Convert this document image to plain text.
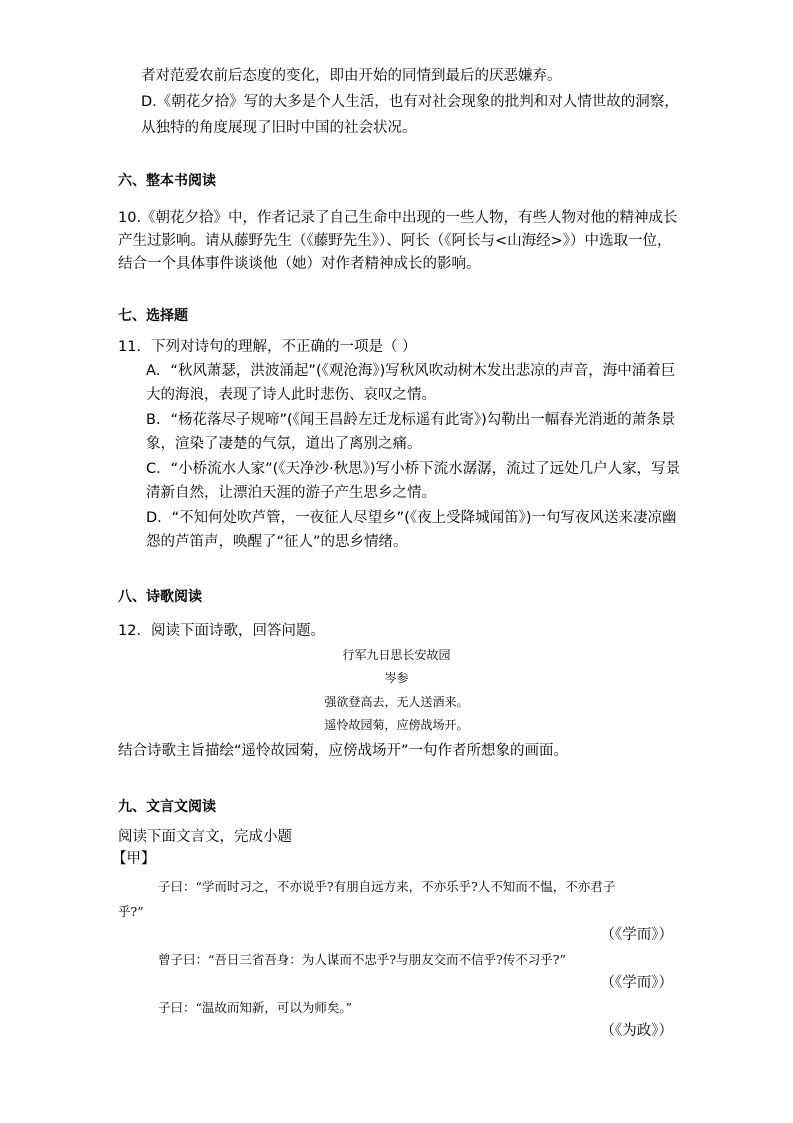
者对范爱农前后态度的变化，即由开始的同情到最后的厌恶嫌弃。
D.《朝花夕拾》写的大多是个人生活，也有对社会现象的批判和对人情世故的洞察，
从独特的角度展现了旧时中国的社会状况。
六、整本书阅读
10.《朝花夕拾》中，作者记录了自己生命中出现的一些人物，有些人物对他的精神成长
产生过影响。请从藤野先生（《藤野先生》）、阿长（《阿长与<山海经>》）中选取一位，
结合一个具体事件谈谈他（她）对作者精神成长的影响。
七、选择题
11．下列对诗句的理解，不正确的一项是（ ）
A．“秋风萧瑟，洪波涌起”(《观沧海》)写秋风吹动树木发出悲凉的声音，海中涌着巨
大的海浪，表现了诗人此时悲伤、哀叹之情。
B．“杨花落尽子规啼”(《闻王昌龄左迁龙标遥有此寄》)勾勒出一幅春光消逝的萧条景
象，渲染了凄楚的气氛，道出了离别之痛。
C．“小桥流水人家”(《天净沙·秋思》)写小桥下流水潺潺，流过了远处几户人家，写景
清新自然，让漂泊天涯的游子产生思乡之情。
D．“不知何处吹芦管，一夜征人尽望乡”(《夜上受降城闻笛》)一句写夜风送来凄凉幽
怨的芦笛声，唤醒了“征人”的思乡情绪。
八、诗歌阅读
12．阅读下面诗歌，回答问题。
行军九日思长安故园
岑参
强欲登高去，无人送酒来。
遥怜故园菊，应傍战场开。
结合诗歌主旨描绘“遥怜故园菊，应傍战场开”一句作者所想象的画面。
九、文言文阅读
阅读下面文言文，完成小题
【甲】
子曰：“学而时习之，不亦说乎?有朋自远方来，不亦乐乎?人不知而不愠，不亦君子
乎?”
（《学而》）
曾子曰：“吾日三省吾身：为人谋而不忠乎?与朋友交而不信乎?传不习乎?”
（《学而》）
子曰：“温故而知新，可以为师矣。”
（《为政》）
